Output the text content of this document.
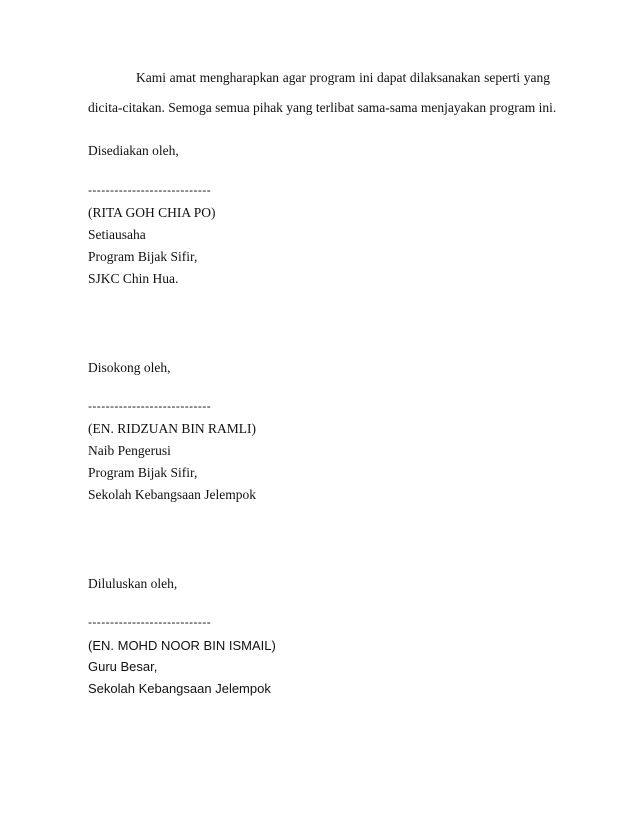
Kami amat mengharapkan agar program ini dapat dilaksanakan seperti yang
dicita-citakan. Semoga semua pihak yang terlibat sama-sama menjayakan program ini.
Disediakan oleh,
----------------------------
(RITA GOH CHIA PO)
Setiausaha
Program Bijak Sifir,
SJKC Chin Hua.
Disokong oleh,
----------------------------
(EN. RIDZUAN BIN RAMLI)
Naib Pengerusi
Program Bijak Sifir,
Sekolah Kebangsaan Jelempok
Diluluskan oleh,
----------------------------
(EN. MOHD NOOR BIN ISMAIL)
Guru Besar,
Sekolah Kebangsaan Jelempok
